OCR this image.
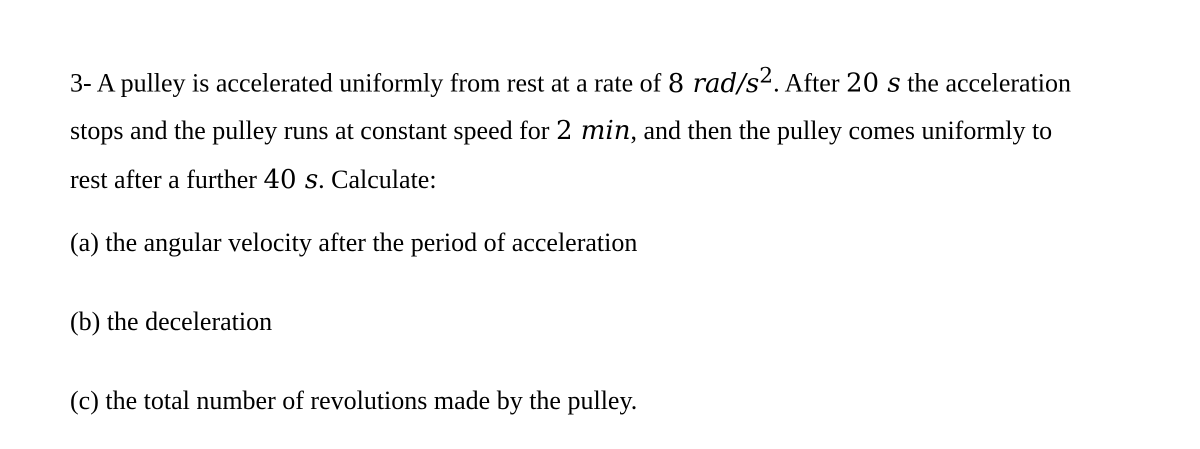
3- A pulley is accelerated uniformly from rest at a rate of 8 rad/$s^2$. After 20 s the acceleration
stops and the pulley runs at constant speed for 2 min, and then the pulley comes uniformly to
rest after a further 40 s. Calculate:
(a) the angular velocity after the period of acceleration
(b) the deceleration
(c) the total number of revolutions made by the pulley.
